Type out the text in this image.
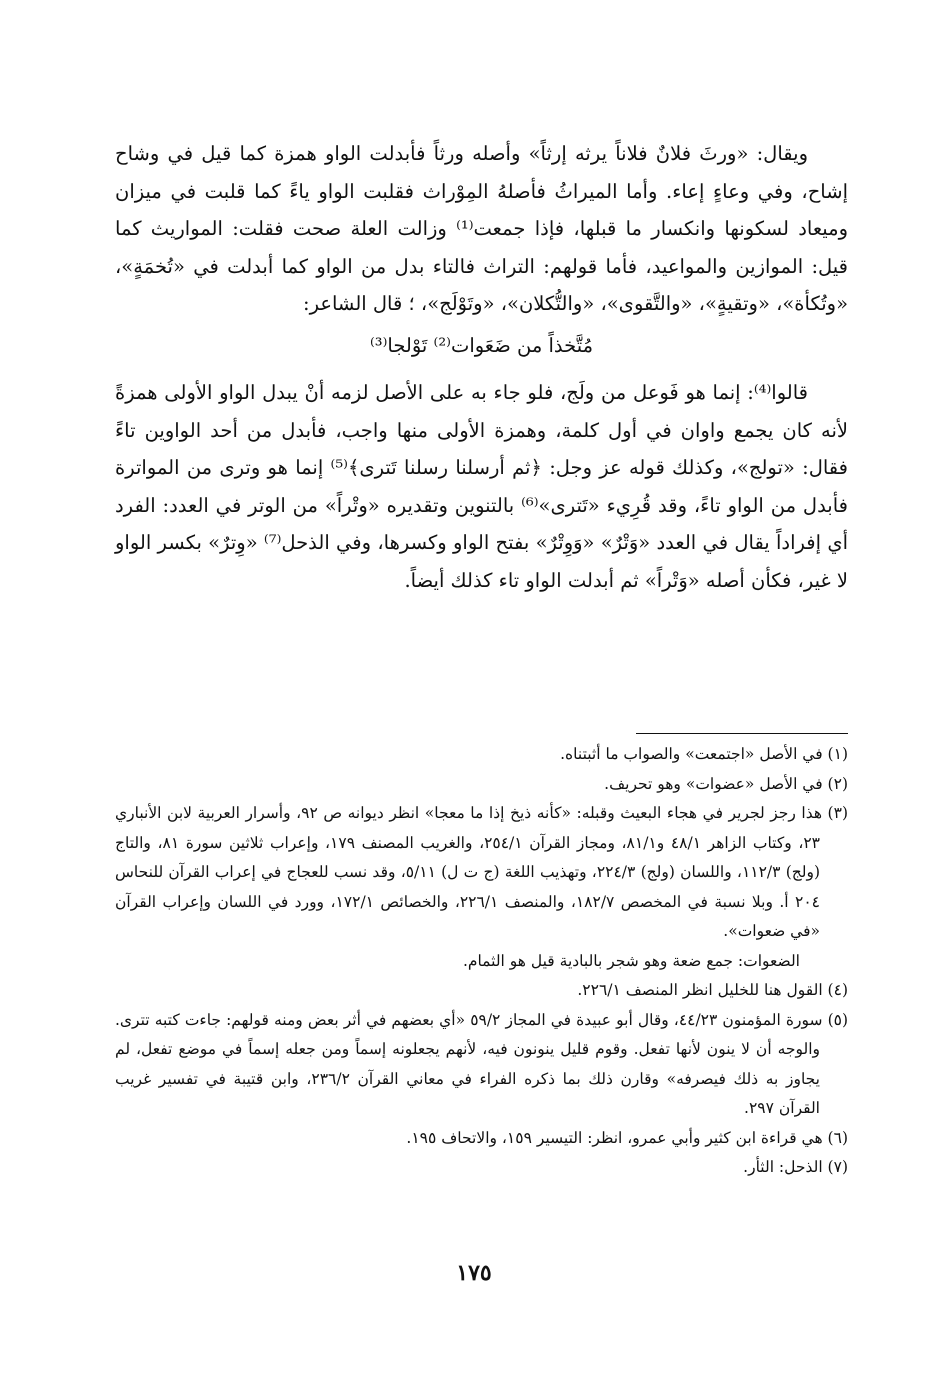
ويقال: «ورثَ فلانٌ فلاناً يرثه إرثاً» وأصله ورثاً فأبدلت الواو همزة كما قيل في وشاح إشاح، وفي وعاءٍ إعاء. وأما الميراثُ فأصلهُ المِوْراث فقلبت الواو ياءً كما قلبت في ميزان وميعاد لسكونها وانكسار ما قبلها، فإذا جمعت⁽¹⁾ وزالت العلة صحت فقلت: المواريث كما قيل: الموازين والمواعيد، فأما قولهم: التراث فالتاء بدل من الواو كما أبدلت في «تُخمَةٍ»، «وتُكأة»، «وتقيةٍ»، «والتَّقوى»، «والتُّكلان»، «وتَوْلَج»، ؛ قال الشاعر:

مُتَّخذاً من ضَعَوات⁽²⁾ تَوْلجا⁽³⁾

قالوا⁽⁴⁾: إنما هو فَوعل من ولَج، فلو جاء به على الأصل لزمه أنْ يبدل الواو الأولى همزةً لأنه كان يجمع واوان في أول كلمة، وهمزة الأولى منها واجب، فأبدل من أحد الواوين تاءً فقال: «تولج»، وكذلك قوله عز وجل: ﴿ثم أرسلنا رسلنا تَترى﴾⁽⁵⁾ إنما هو وترى من المواترة فأبدل من الواو تاءً، وقد قُرِيء «تَترى»⁽⁶⁾ بالتنوين وتقديره «وتْراً» من الوتر في العدد: الفرد أي إفراداً يقال في العدد «وَتْرٌ» «وَوِتْرٌ» بفتح الواو وكسرها، وفي الذحل⁽⁷⁾ «وِترٌ» بكسر الواو لا غير، فكأن أصله «وَتْراً» ثم أبدلت الواو تاء كذلك أيضاً.

(١) في الأصل «اجتمعت» والصواب ما أثبتناه.

(٢) في الأصل «عضوات» وهو تحريف.

(٣) هذا رجز لجرير في هجاء البعيث وقبله: «كأنه ذيخ إذا ما معجا» انظر ديوانه ص ٩٢، وأسرار العربية لابن الأنباري ٢٣، وكتاب الزاهر ٤٨/١ و٨١/١، ومجاز القرآن ٢٥٤/١، والغريب المصنف ١٧٩، وإعراب ثلاثين سورة ٨١، والتاج (ولج) ١١٢/٣، واللسان (ولج) ٢٢٤/٣، وتهذيب اللغة (ج ت ل) ٥/١١، وقد نسب للعجاج في إعراب القرآن للنحاس ٢٠٤ أ. وبلا نسبة في المخصص ١٨٢/٧، والمنصف ٢٢٦/١، والخصائص ١٧٢/١، وورد في اللسان وإعراب القرآن «في ضعوات».

الضعوات: جمع ضعة وهو شجر بالبادية قيل هو الثمام.

(٤) القول هنا للخليل انظر المنصف ٢٢٦/١.

(٥) سورة المؤمنون ٤٤/٢٣، وقال أبو عبيدة في المجاز ٥٩/٢ «أي بعضهم في أثر بعض ومنه قولهم: جاءت كتبه تترى. والوجه أن لا ينون لأنها تفعل. وقوم قليل ينونون فيه، لأنهم يجعلونه إسماً ومن جعله إسماً في موضع تفعل، لم يجاوز به ذلك فيصرفه» وقارن ذلك بما ذكره الفراء في معاني القرآن ٢٣٦/٢، وابن قتيبة في تفسير غريب القرآن ٢٩٧.

(٦) هي قراءة ابن كثير وأبي عمرو، انظر: التيسير ١٥٩، والاتحاف ١٩٥.

(٧) الذحل: الثأر.

١٧٥
